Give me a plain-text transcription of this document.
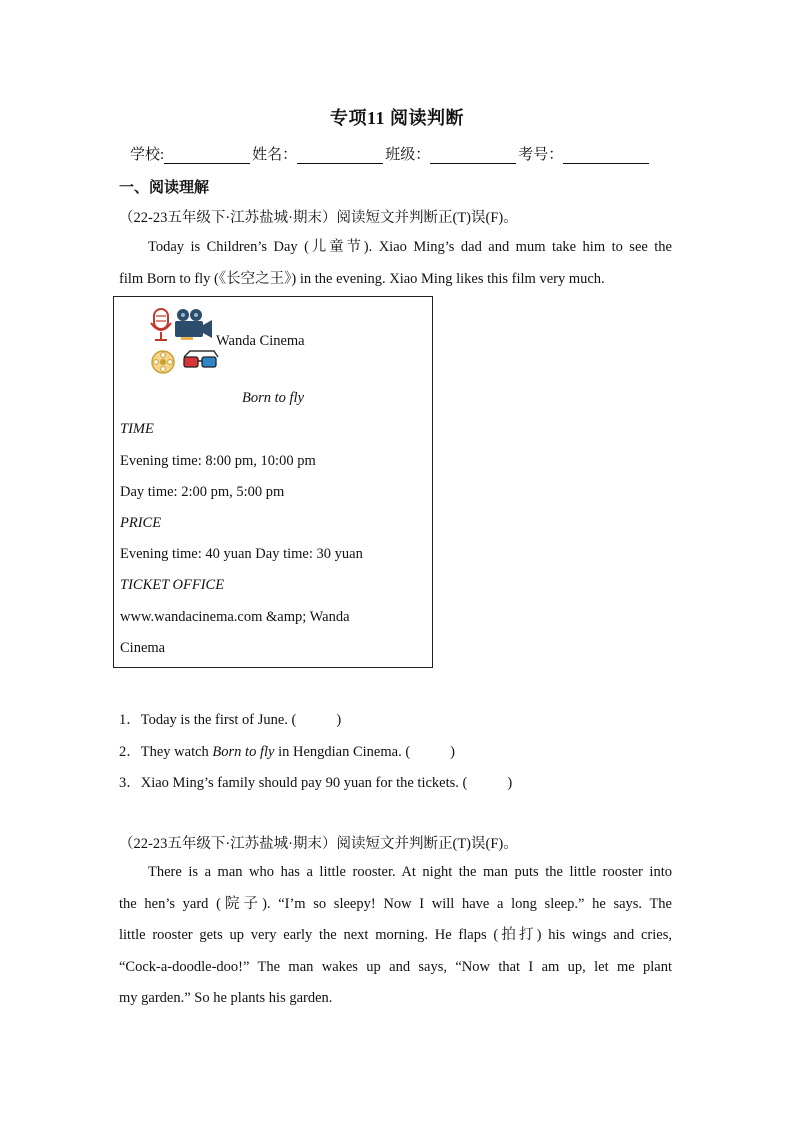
专项11 阅读判断
学校:	姓名：	班级：	考号：
一、阅读理解
（22-23五年级下·江苏盐城·期末）阅读短文并判断正(T)误(F)。

Today is Children’s Day (儿童节). Xiao Ming’s dad and mum take him to see the

film Born to fly (《长空之王》) in the evening. Xiao Ming likes this film very much.

Wanda Cinema
Born to fly
TIME
Evening time: 8:00 pm, 10:00 pm
Day time: 2:00 pm, 5:00 pm
PRICE
Evening time: 40 yuan Day time: 30 yuan
TICKET OFFICE
www.wandacinema.com &amp; Wanda
Cinema
1．Today is the first of June. (	)
2．They watch Born to fly in Hengdian Cinema. (	)
3．Xiao Ming’s family should pay 90 yuan for the tickets. (	)
（22-23五年级下·江苏盐城·期末）阅读短文并判断正(T)误(F)。

There is a man who has a little rooster. At night the man puts the little rooster into

the hen’s yard (院子). “I’m so sleepy! Now I will have a long sleep.” he says. The

little rooster gets up very early the next morning. He flaps (拍打) his wings and cries,

“Cock-a-doodle-doo!” The man wakes up and says, “Now that I am up, let me plant

my garden.” So he plants his garden.
